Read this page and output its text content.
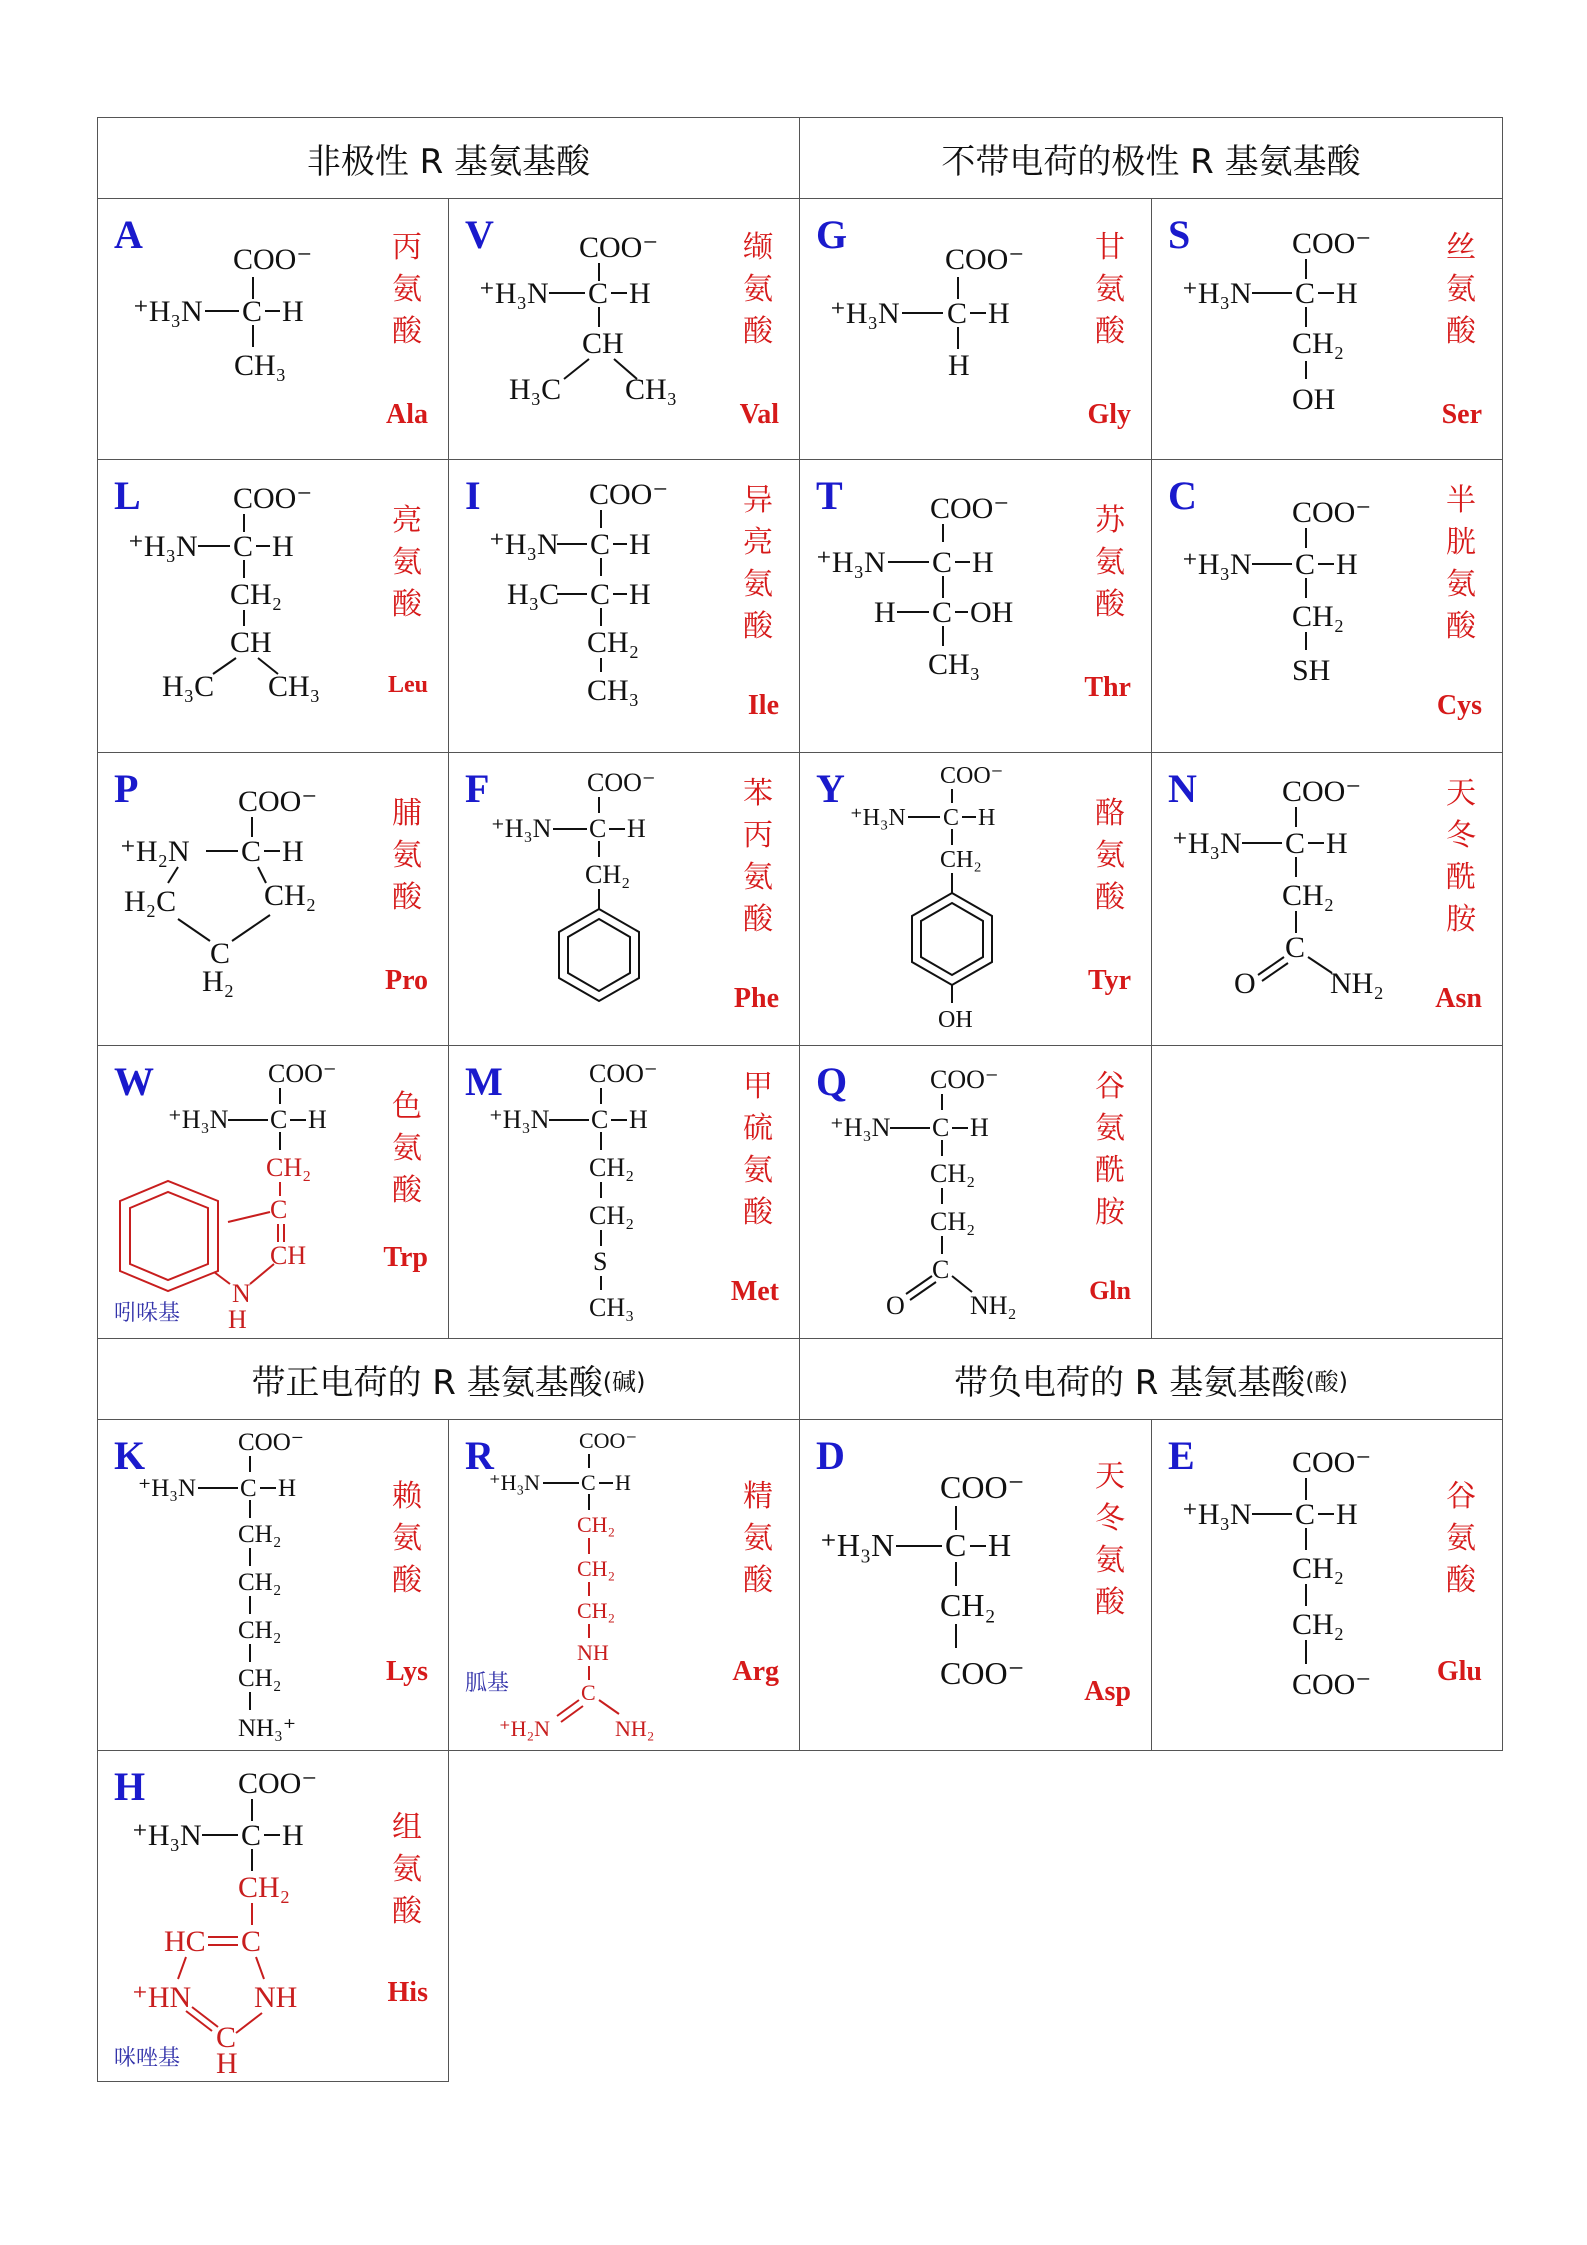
非极性 R 基氨基酸	不带电荷的极性 R 基氨基酸
A	丙氨酸
Ala
COO⁻
⁺H₃N C H
CH₃
V	缬氨酸
Val
COO⁻
⁺H₃N C H
CH
H₃C CH₃
G	甘氨酸
Gly
COO⁻
⁺H₃N C H
H
S	丝氨酸
Ser
COO⁻
⁺H₃N C H
CH₂
OH
L
亮氨酸
Leu
COO⁻
⁺H₃N C H
CH₂
CH
H₃C CH₃
I	异亮氨酸
Ile
COO⁻
⁺H₃N C H
H₃C C H
CH₂
CH₃
T
苏氨酸
Thr
COO⁻
⁺H₃N C H
H C OH
CH₃
C	半胱氨酸
Cys
COO⁻
⁺H₃N C H
CH₂
SH
P
脯氨酸
Pro
COO⁻
⁺H₂N C H
H₂C	CH₂
C
H₂
F	苯丙氨酸
Phe
COO⁻
⁺H₃N C H
CH₂
Y
酪氨酸
Tyr
COO⁻
⁺H₃N C H
CH₂
OH
N	天冬酰胺
Asn
COO⁻
⁺H₃N C H
CH₂
C
O NH₂
W
色氨酸
Trp
吲哚基
COO⁻
⁺H₃N C H
CH₂
C
CH
N
H
M	甲硫氨酸
Met
COO⁻
⁺H₃N C H
CH₂
CH₂
S
CH₃
Q	谷氨酰胺
Gln
COO⁻
⁺H₃N C H
CH₂
CH₂
C
O	NH₂
带正电荷的 R 基氨基酸 (碱)	带负电荷的 R 基氨基酸 (酸)
K
赖氨酸
Lys
COO⁻
⁺H₃N C H
CH₂
CH₂
CH₂
CH₂
NH₃⁺
R
精氨酸
Arg
胍基
COO⁻
⁺H₃N C H
CH₂
CH₂
CH₂
NH
C
⁺H₂N	NH₂
D	天冬氨酸
Asp
COO⁻
⁺H₃N C H
CH₂
COO⁻
E
谷氨酸
Glu
COO⁻
⁺H₃N C H
CH₂
CH₂
COO⁻
H
组氨酸
His
咪唑基
COO⁻
⁺H₃N C H
CH₂
HC C
⁺HN NH
C
H
